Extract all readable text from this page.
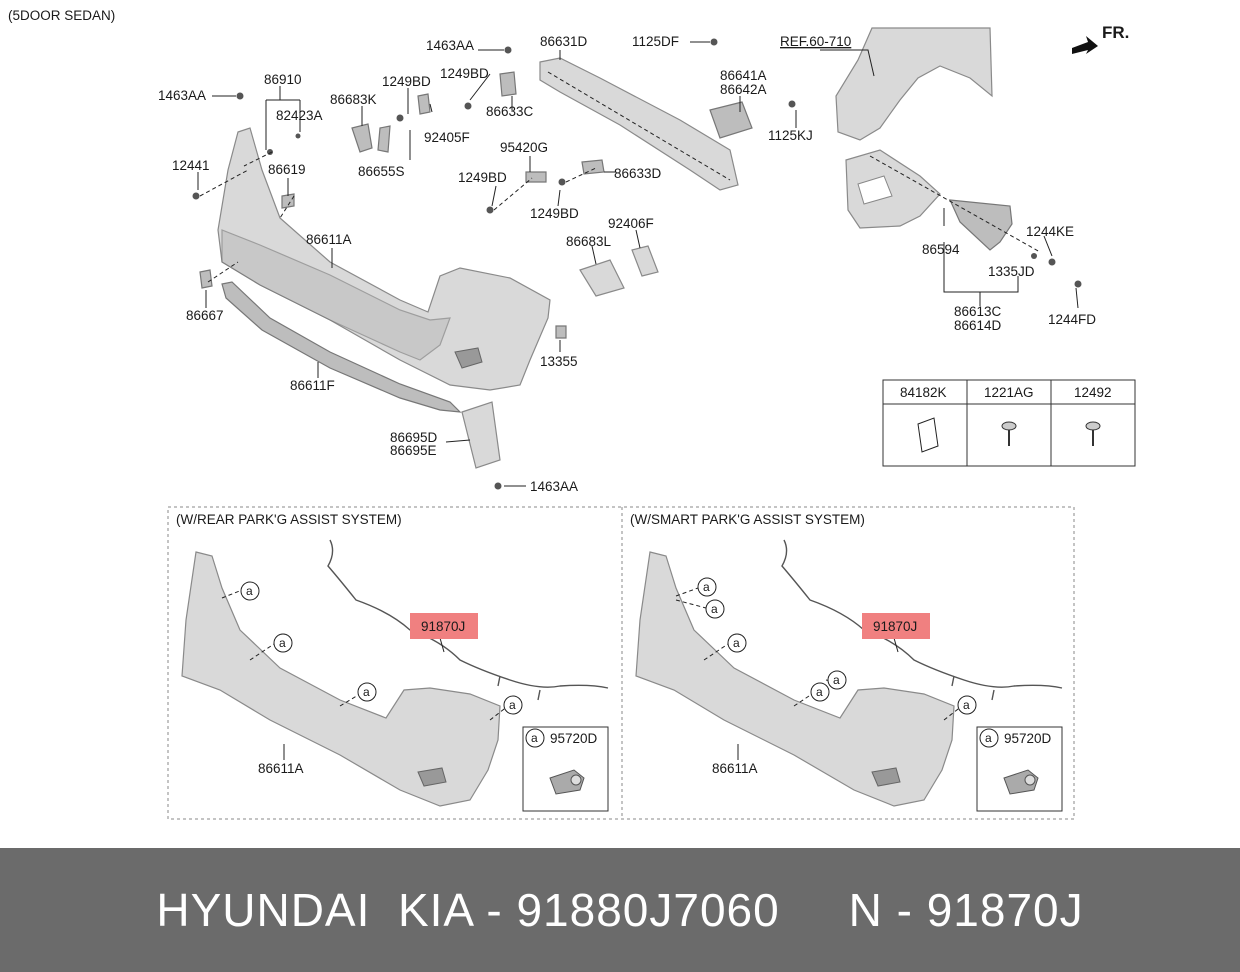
(5DOOR SEDAN)
FR.
1463AA
86910
82423A
12441	86619
86683K
1249BD
1463AA
1249BD
92405F
86655S
86631D	1125DF
86641A
86642A
1125KJ
86633C
95420G
86633D
1249BD
1249BD
92406F
86683L
86611A
86667
86611F
13355
86695D
86695E
1463AA
REF.60-710
86594
1244KE
1335JD
1244FD
86613C
86614D
84182K	1221AG	12492
(W/REAR PARK'G ASSIST SYSTEM)
a
a
a
a
91870J
86611A
a 95720D
(W/SMART PARK'G ASSIST SYSTEM)
a
a
a
a
a
a
91870J
86611A
a 95720D
HYUNDAI  KIA - 91880J7060     N - 91870J
